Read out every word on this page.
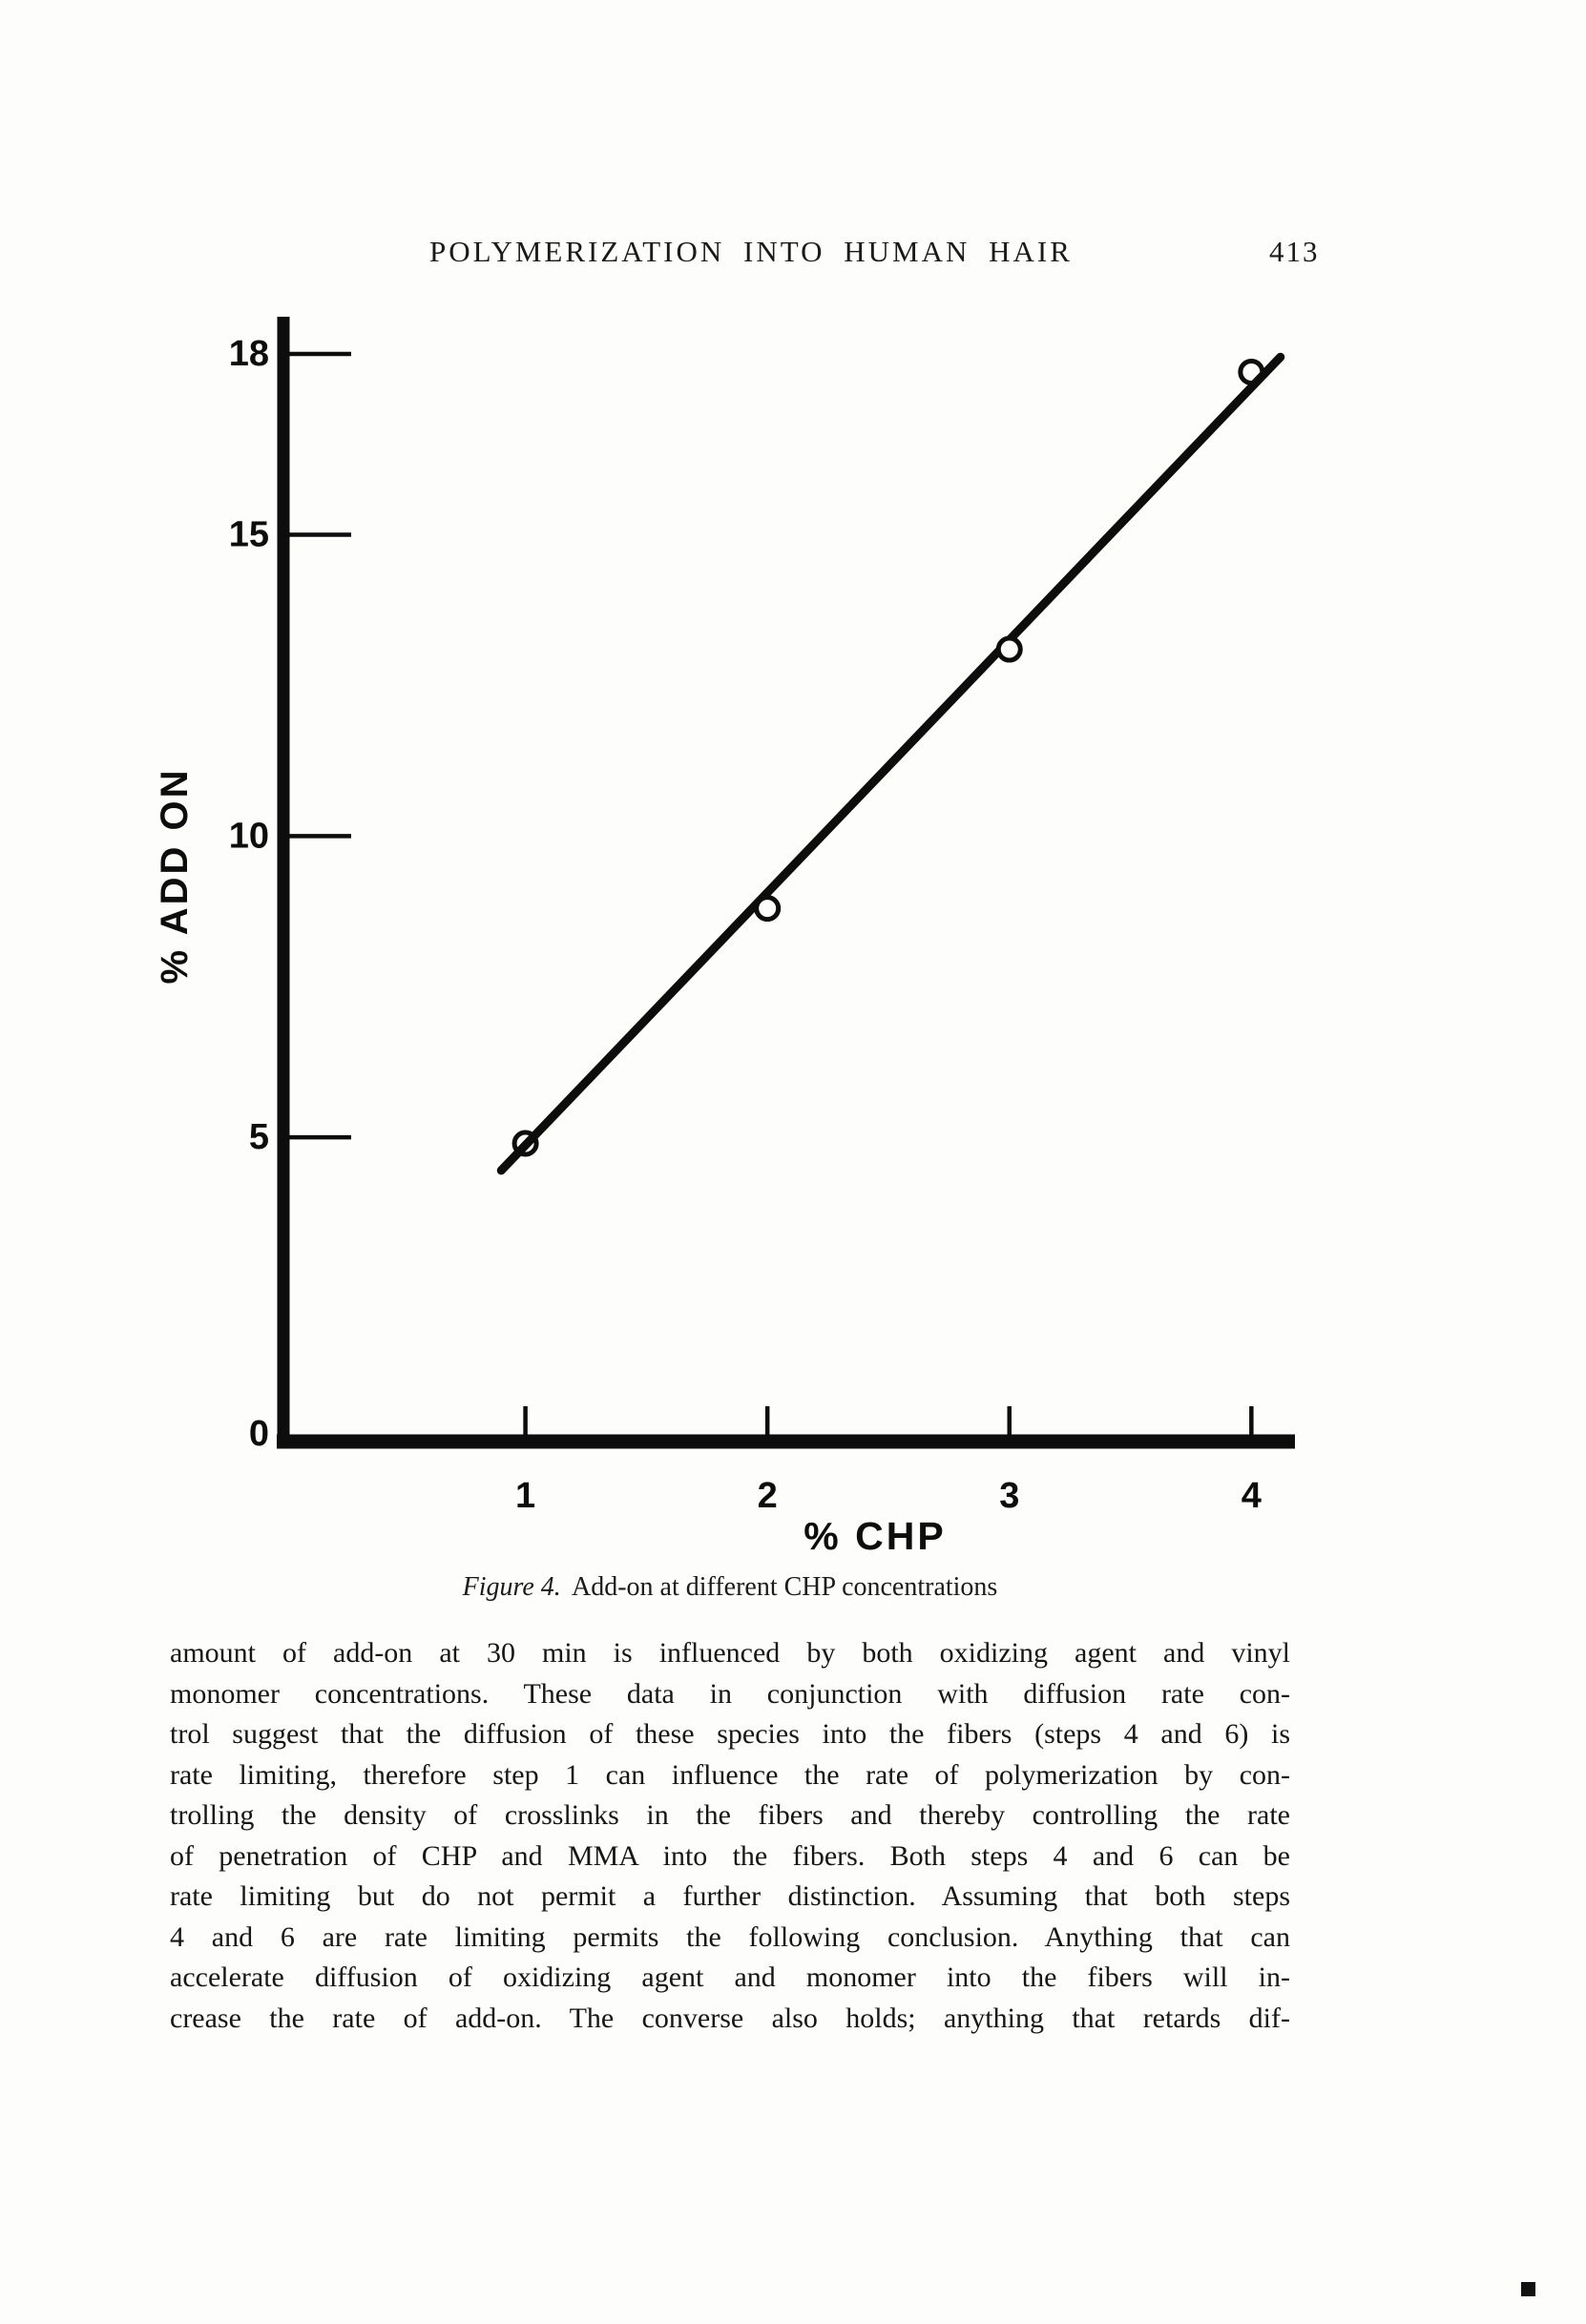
POLYMERIZATION INTO HUMAN HAIR	413
0
5
10
15
18
1	2	3	4
% ADD ON
% CHP
Figure 4. Add-on at different CHP concentrations
amount of add-on at 30 min is influenced by both oxidizing agent and vinyl
monomer concentrations. These data in conjunction with diffusion rate con-
trol suggest that the diffusion of these species into the fibers (steps 4 and 6) is
rate limiting, therefore step 1 can influence the rate of polymerization by con-
trolling the density of crosslinks in the fibers and thereby controlling the rate
of penetration of CHP and MMA into the fibers. Both steps 4 and 6 can be
rate limiting but do not permit a further distinction. Assuming that both steps
4 and 6 are rate limiting permits the following conclusion. Anything that can
accelerate diffusion of oxidizing agent and monomer into the fibers will in-
crease the rate of add-on. The converse also holds; anything that retards dif-
